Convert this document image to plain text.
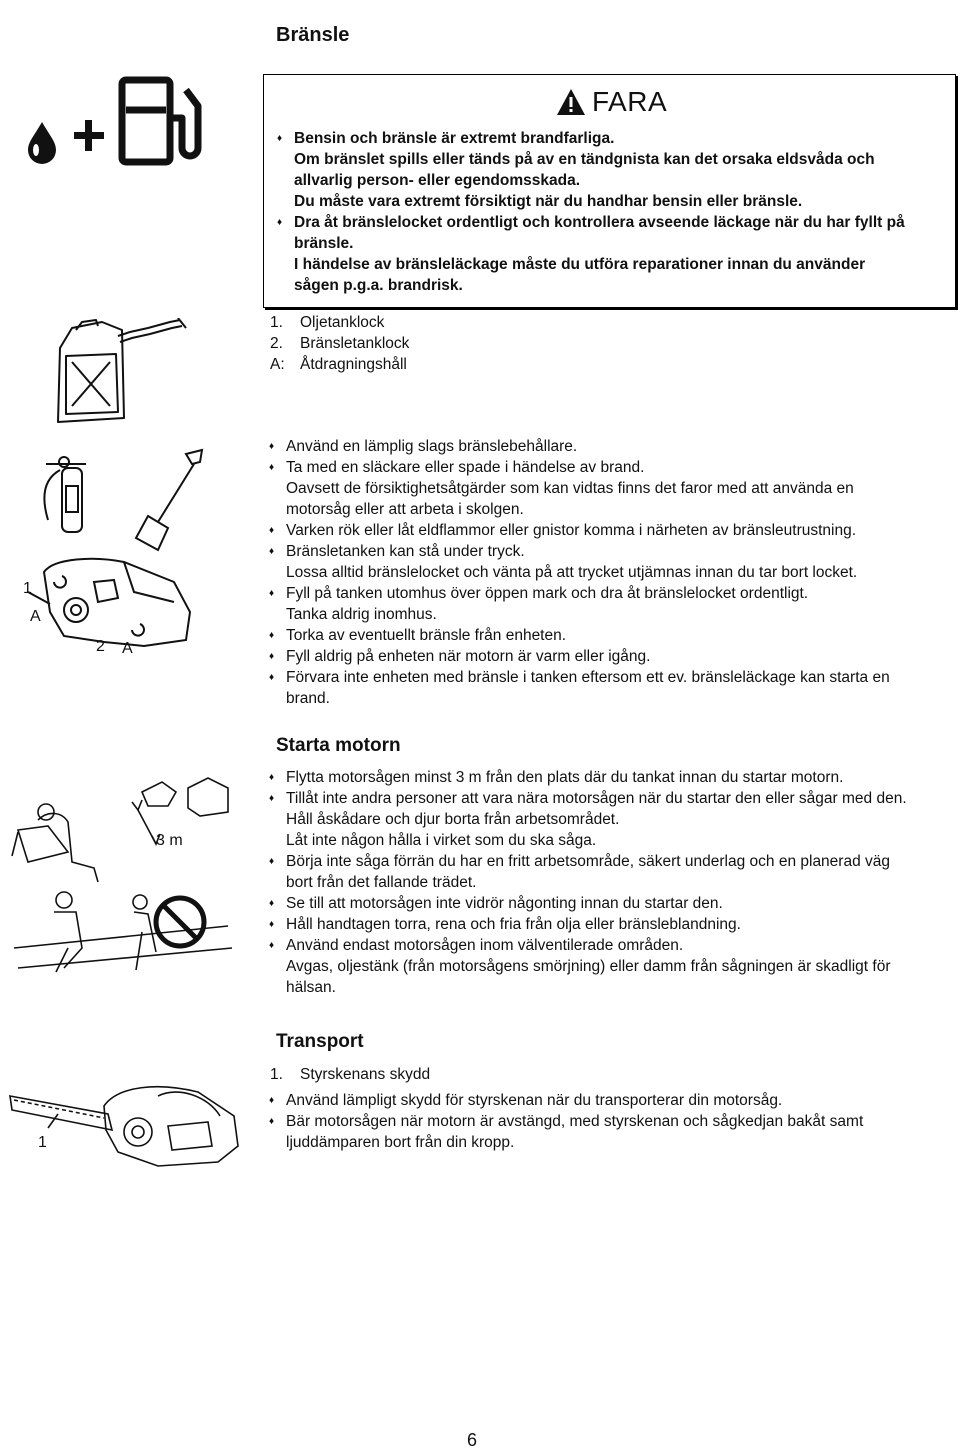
Bränsle
FARA
♦ Bensin och bränsle är extremt brandfarliga.
Om bränslet spills eller tänds på av en tändgnista kan det orsaka eldsvåda och
allvarlig person- eller egendomsskada.
Du måste vara extremt försiktigt när du handhar bensin eller bränsle.
♦ Dra åt bränslelocket ordentligt och kontrollera avseende läckage när du har fyllt på
bränsle.
I händelse av bränsleläckage måste du utföra reparationer innan du använder
sågen p.g.a. brandrisk.
1.	Oljetanklock
2.	Bränsletanklock
A: Åtdragningshåll
1
A
2 A
♦ Använd en lämplig slags bränslebehållare.
♦ Ta med en släckare eller spade i händelse av brand.
Oavsett de försiktighetsåtgärder som kan vidtas finns det faror med att använda en
motorsåg eller att arbeta i skolgen.
♦ Varken rök eller låt eldflammor eller gnistor komma i närheten av bränsleutrustning.
♦ Bränsletanken kan stå under tryck.
Lossa alltid bränslelocket och vänta på att trycket utjämnas innan du tar bort locket.
♦ Fyll på tanken utomhus över öppen mark och dra åt bränslelocket ordentligt.
Tanka aldrig inomhus.
♦ Torka av eventuellt bränsle från enheten.
♦ Fyll aldrig på enheten när motorn är varm eller igång.
♦ Förvara inte enheten med bränsle i tanken eftersom ett ev. bränsleläckage kan starta en
brand.
Starta motorn
3 m
♦ Flytta motorsågen minst 3 m från den plats där du tankat innan du startar motorn.
♦ Tillåt inte andra personer att vara nära motorsågen när du startar den eller sågar med den.
Håll åskådare och djur borta från arbetsområdet.
Låt inte någon hålla i virket som du ska såga.
♦ Börja inte såga förrän du har en fritt arbetsområde, säkert underlag och en planerad väg
bort från det fallande trädet.
♦ Se till att motorsågen inte vidrör någonting innan du startar den.
♦ Håll handtagen torra, rena och fria från olja eller bränsleblandning.
♦ Använd endast motorsågen inom välventilerade områden.
Avgas, oljestänk (från motorsågens smörjning) eller damm från sågningen är skadligt för
hälsan.
Transport
1
1.	Styrskenans skydd
♦ Använd lämpligt skydd för styrskenan när du transporterar din motorsåg.
♦ Bär motorsågen när motorn är avstängd, med styrskenan och sågkedjan bakåt samt
ljuddämparen bort från din kropp.
6
